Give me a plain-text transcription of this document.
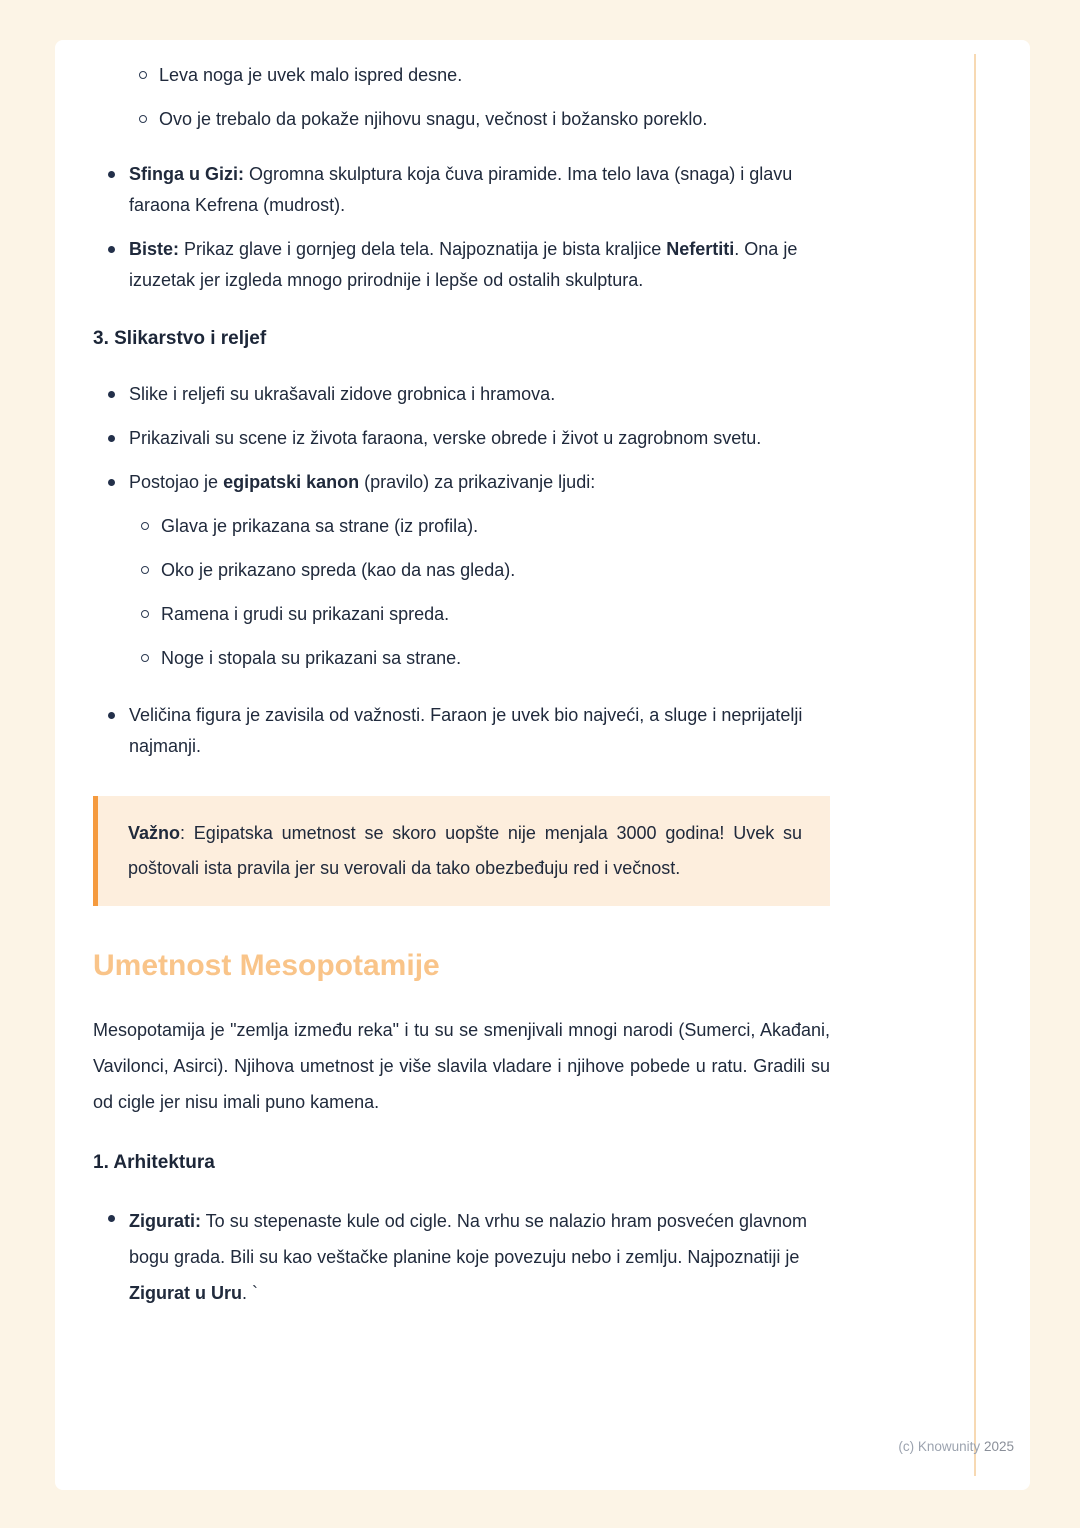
Leva noga je uvek malo ispred desne.
Ovo je trebalo da pokaže njihovu snagu, večnost i božansko poreklo.
Sfinga u Gizi: Ogromna skulptura koja čuva piramide. Ima telo lava (snaga) i glavu faraona Kefrena (mudrost).
Biste: Prikaz glave i gornjeg dela tela. Najpoznatija je bista kraljice Nefertiti. Ona je izuzetak jer izgleda mnogo prirodnije i lepše od ostalih skulptura.
3. Slikarstvo i reljef
Slike i reljefi su ukrašavali zidove grobnica i hramova.
Prikazivali su scene iz života faraona, verske obrede i život u zagrobnom svetu.

Postojao je egipatski kanon (pravilo) za prikazivanje ljudi:

Glava je prikazana sa strane (iz profila).
Oko je prikazano spreda (kao da nas gleda).
Ramena i grudi su prikazani spreda.
Noge i stopala su prikazani sa strane.
Veličina figura je zavisila od važnosti. Faraon je uvek bio najveći, a sluge i neprijatelji najmanji.

Važno: Egipatska umetnost se skoro uopšte nije menjala 3000 godina! Uvek su poštovali ista pravila jer su verovali da tako obezbeđuju red i večnost.

Umetnost Mesopotamije

Mesopotamija je "zemlja između reka" i tu su se smenjivali mnogi narodi (Sumerci, Akađani, Vavilonci, Asirci). Njihova umetnost je više slavila vladare i njihove pobede u ratu. Gradili su od cigle jer nisu imali puno kamena.

1. Arhitektura
Zigurati: To su stepenaste kule od cigle. Na vrhu se nalazio hram posvećen glavnom bogu grada. Bili su kao veštačke planine koje povezuju nebo i zemlju. Najpoznatiji je Zigurat u Uru. `
(c) Knowunity 2025
